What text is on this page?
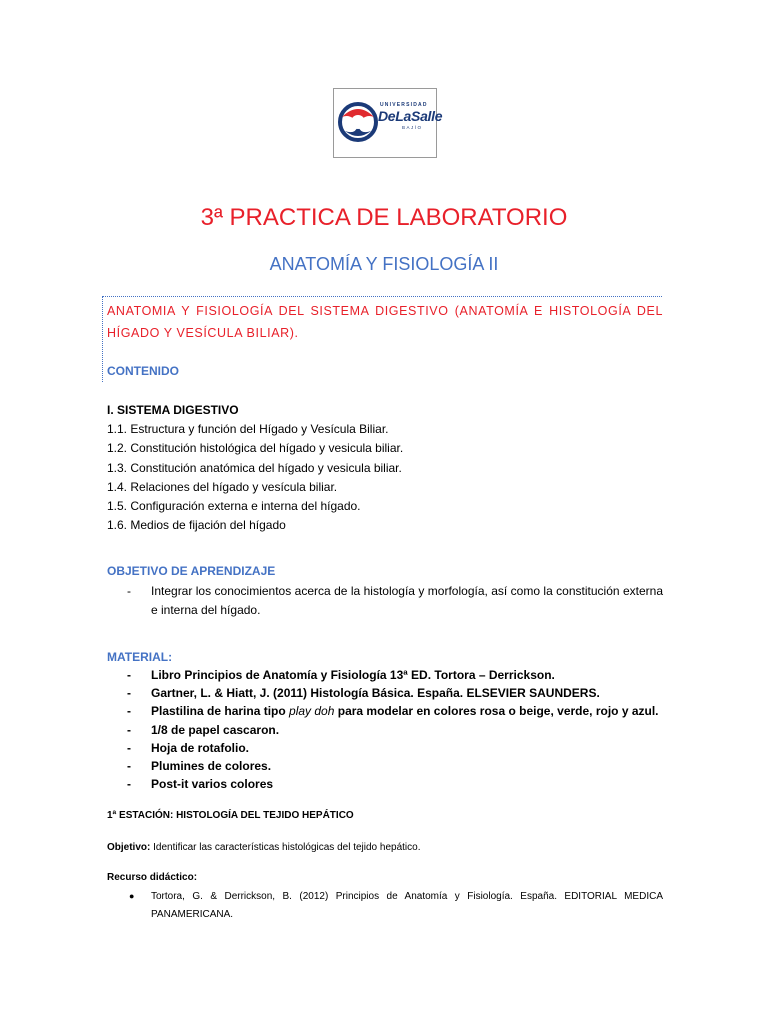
UNIVERSIDAD
DeLaSalle
BAJÍO
3ª PRACTICA DE LABORATORIO
ANATOMÍA Y FISIOLOGÍA II

ANATOMIA Y FISIOLOGÍA DEL SISTEMA DIGESTIVO (ANATOMÍA E HISTOLOGÍA DEL HÍGADO Y VESÍCULA BILIAR).

CONTENIDO

I. SISTEMA DIGESTIVO

1.1. Estructura y función del Hígado y Vesícula Biliar.
1.2. Constitución histológica del hígado y vesicula biliar.
1.3. Constitución anatómica del hígado y vesicula biliar.
1.4. Relaciones del hígado y vesícula biliar.
1.5. Configuración externa e interna del hígado.
1.6. Medios de fijación del hígado

OBJETIVO DE APRENDIZAJE

- Integrar los conocimientos acerca de la histología y morfología, así como la constitución externa e interna del hígado.

MATERIAL:

- Libro Principios de Anatomía y Fisiología 13ª ED. Tortora – Derrickson.
- Gartner, L. & Hiatt, J. (2011) Histología Básica. España. ELSEVIER SAUNDERS.
- Plastilina de harina tipo play doh para modelar en colores rosa o beige, verde, rojo y azul.
- 1/8 de papel cascaron.
- Hoja de rotafolio.
- Plumines de colores.
- Post-it varios colores

1ª ESTACIÓN: HISTOLOGÍA DEL TEJIDO HEPÁTICO

Objetivo: Identificar las características histológicas del tejido hepático.

Recurso didáctico:

● Tortora, G. & Derrickson, B. (2012) Principios de Anatomía y Fisiología. España. EDITORIAL MEDICA PANAMERICANA.
